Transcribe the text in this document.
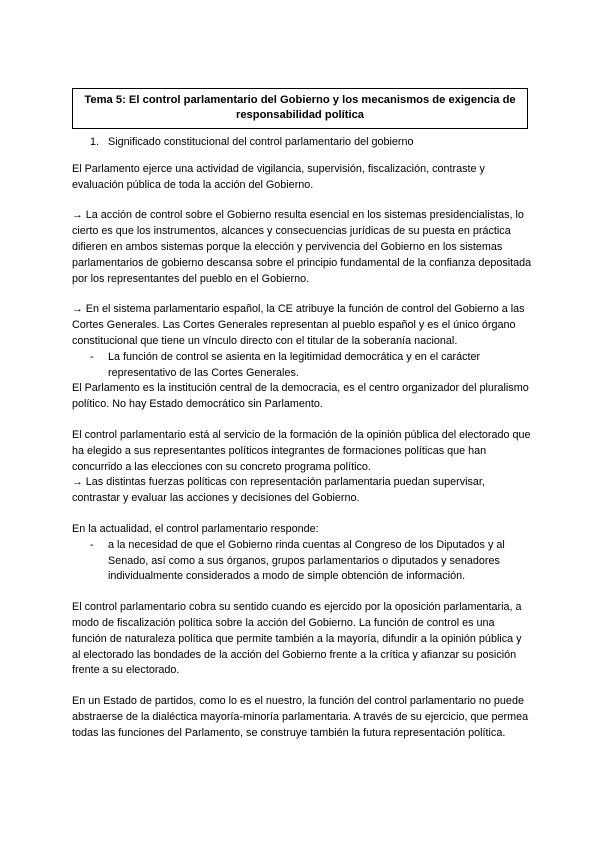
Tema 5: El control parlamentario del Gobierno y los mecanismos de exigencia de responsabilidad política
1. Significado constitucional del control parlamentario del gobierno

El Parlamento ejerce una actividad de vigilancia, supervisión, fiscalización, contraste y evaluación pública de toda la acción del Gobierno.

→ La acción de control sobre el Gobierno resulta esencial en los sistemas presidencialistas, lo cierto es que los instrumentos, alcances y consecuencias jurídicas de su puesta en práctica difieren en ambos sistemas porque la elección y pervivencia del Gobierno en los sistemas parlamentarios de gobierno descansa sobre el principio fundamental de la confianza depositada por los representantes del pueblo en el Gobierno.

→ En el sistema parlamentario español, la CE atribuye la función de control del Gobierno a las Cortes Generales. Las Cortes Generales representan al pueblo español y es el único órgano constitucional que tiene un vínculo directo con el titular de la soberanía nacional.

-	La función de control se asienta en la legitimidad democrática y en el carácter representativo de las Cortes Generales.

El Parlamento es la institución central de la democracia, es el centro organizador del pluralismo político. No hay Estado democrático sin Parlamento.

El control parlamentario está al servicio de la formación de la opinión pública del electorado que ha elegido a sus representantes políticos integrantes de formaciones políticas que han concurrido a las elecciones con su concreto programa político.

→ Las distintas fuerzas políticas con representación parlamentaria puedan supervisar, contrastar y evaluar las acciones y decisiones del Gobierno.

En la actualidad, el control parlamentario responde:

-	a la necesidad de que el Gobierno rinda cuentas al Congreso de los Diputados y al Senado, así como a sus órganos, grupos parlamentarios o diputados y senadores individualmente considerados a modo de simple obtención de información.

El control parlamentario cobra su sentido cuando es ejercido por la oposición parlamentaria, a modo de fiscalización política sobre la acción del Gobierno. La función de control es una función de naturaleza política que permite también a la mayoría, difundir a la opinión pública y al electorado las bondades de la acción del Gobierno frente a la crítica y afianzar su posición frente a su electorado.

En un Estado de partidos, como lo es el nuestro, la función del control parlamentario no puede abstraerse de la dialéctica mayoría-minoría parlamentaria. A través de su ejercicio, que permea todas las funciones del Parlamento, se construye también la futura representación política.
